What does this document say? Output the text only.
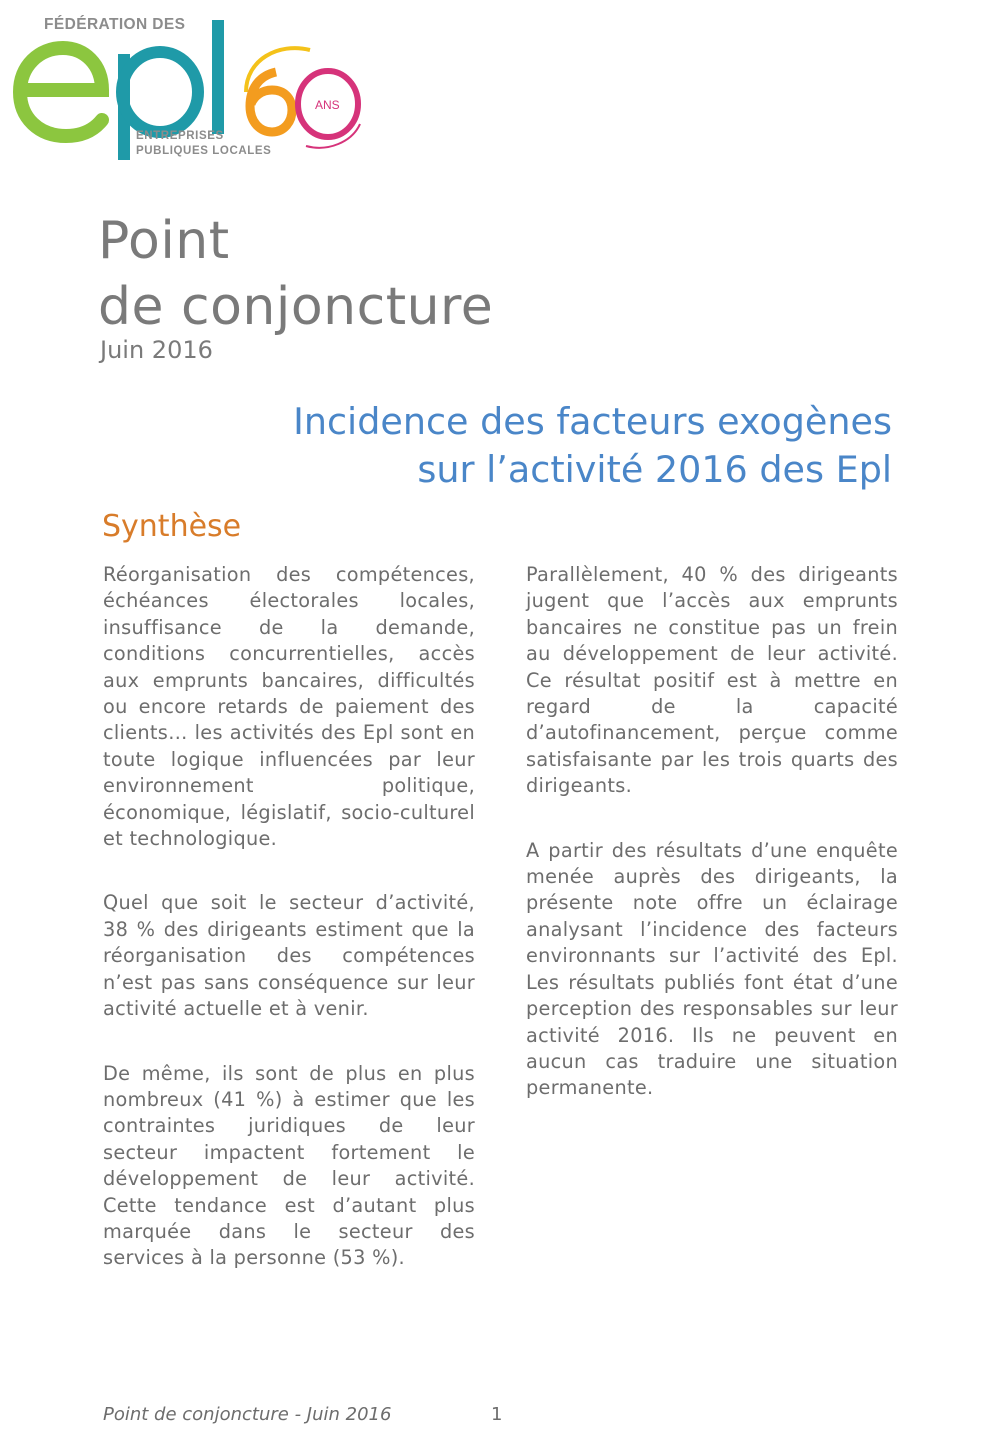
FÉDÉRATION DES
ANS
ENTREPRISES
PUBLIQUES LOCALES
Point
de conjoncture
Juin 2016
Incidence des facteurs exogènes
sur l’activité 2016 des Epl
Synthèse

Réorganisation des compétences, échéances électorales locales, insuffisance de la demande, conditions concurrentielles, accès aux emprunts bancaires, difficultés ou encore retards de paiement des clients… les activités des Epl sont en toute logique influencées par leur environnement politique, économique, législatif, socio-culturel et technologique.

Quel que soit le secteur d’activité, 38 % des dirigeants estiment que la réorganisation des compétences n’est pas sans conséquence sur leur activité actuelle et à venir.

De même, ils sont de plus en plus nombreux (41 %) à estimer que les contraintes juridiques de leur secteur impactent fortement le développement de leur activité. Cette tendance est d’autant plus marquée dans le secteur des services à la personne (53 %).

Parallèlement, 40 % des dirigeants jugent que l’accès aux emprunts bancaires ne constitue pas un frein au développement de leur activité. Ce résultat positif est à mettre en regard de la capacité d’autofinancement, perçue comme satisfaisante par les trois quarts des dirigeants.

A partir des résultats d’une enquête menée auprès des dirigeants, la présente note offre un éclairage analysant l’incidence des facteurs environnants sur l’activité des Epl. Les résultats publiés font état d’une perception des responsables sur leur activité 2016. Ils ne peuvent en aucun cas traduire une situation permanente.

Point de conjoncture - Juin 2016	1
